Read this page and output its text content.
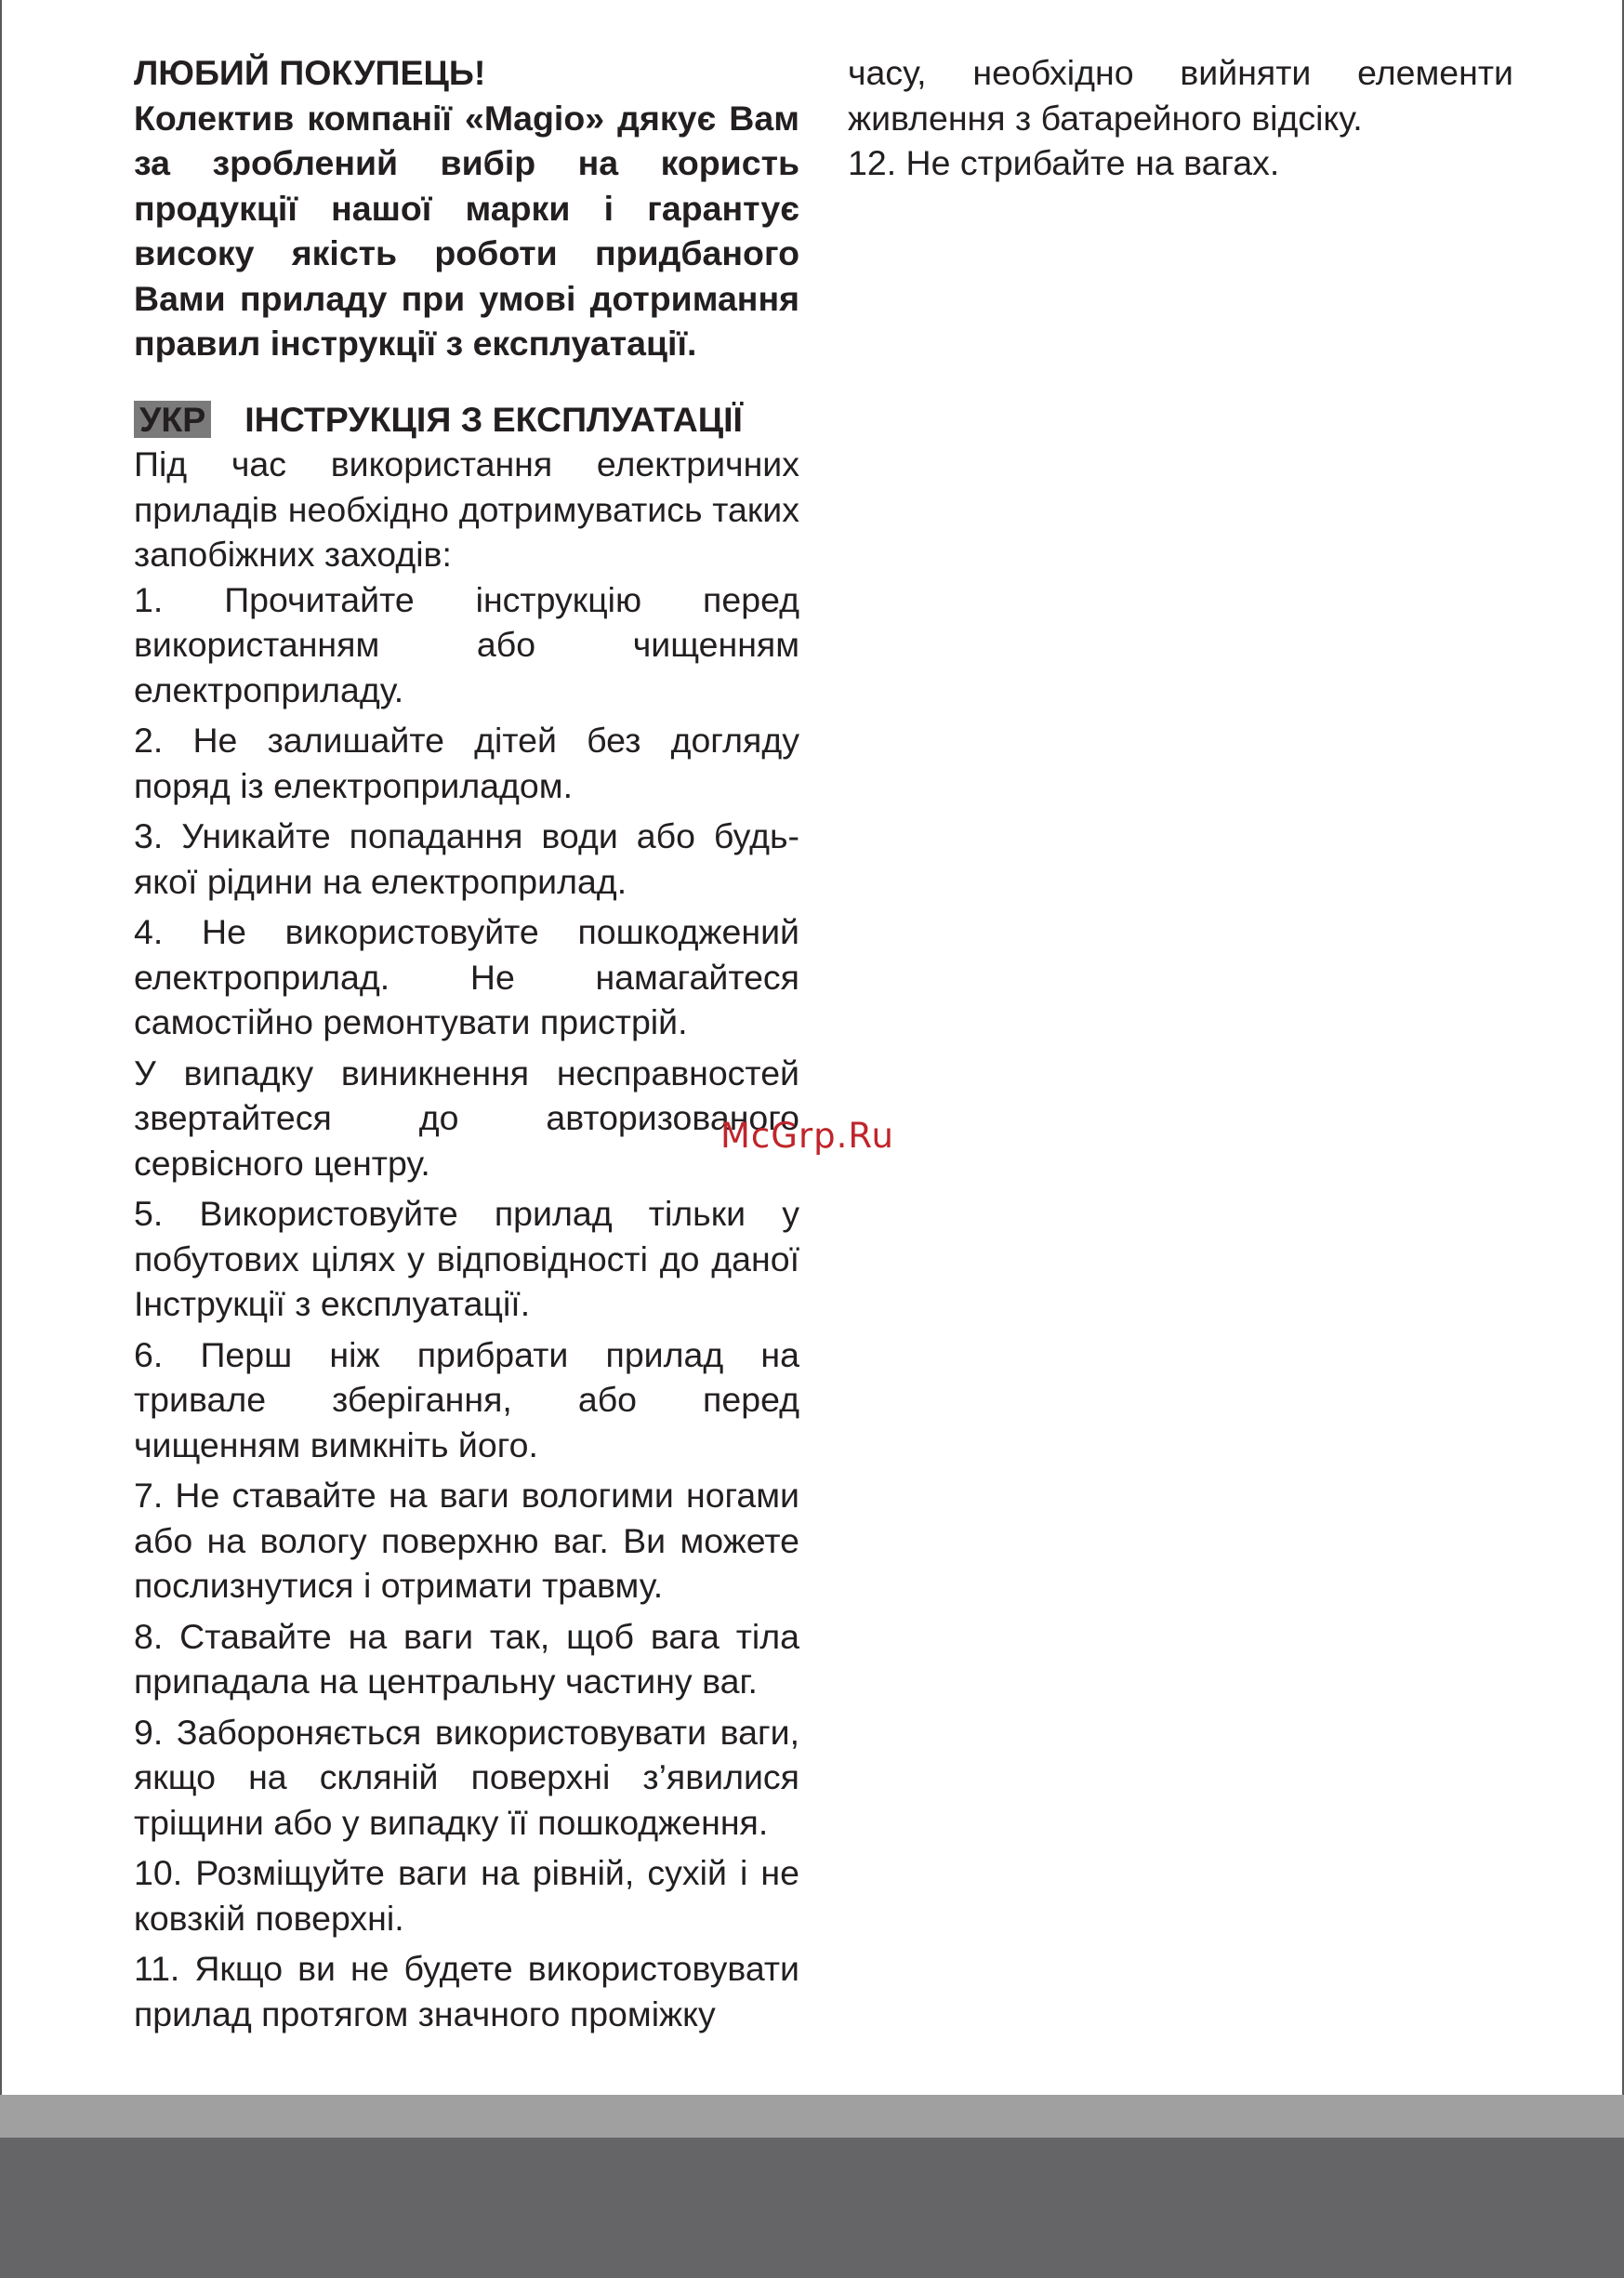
ЛЮБИЙ ПОКУПЕЦЬ!

Колектив компанії «Magio» дякує Вам за зроблений вибір на користь продукції нашої марки і гарантує високу якість роботи придбаного Вами приладу при умові дотримання правил інструкції з експлуатації.

УКР ІНСТРУКЦІЯ З ЕКСПЛУАТАЦІЇ

Під час використання електричних приладів необхідно дотримуватись таких запобіжних заходів:

1. Прочитайте інструкцію перед використанням або чищенням електроприладу.
2. Не залишайте дітей без догляду поряд із електроприладом.
3. Уникайте попадання води або будь-якої рідини на електроприлад.
4. Не використовуйте пошкоджений електроприлад. Не намагайтеся самостійно ремонтувати пристрій.
У випадку виникнення несправностей звертайтеся до авторизованого сервісного центру.
5. Використовуйте прилад тільки у побутових цілях у відповідності до даної Інструкції з експлуатації.
6. Перш ніж прибрати прилад на тривале зберігання, або перед чищенням вимкніть його.
7. Не ставайте на ваги вологими ногами або на вологу поверхню ваг. Ви можете послизнутися і отримати травму.
8. Ставайте на ваги так, щоб вага тіла припадала на центральну частину ваг.
9. Забороняється використовувати ваги, якщо на скляній поверхні з’явилися тріщини або у випадку її пошкодження.
10. Розміщуйте ваги на рівній, сухій і не ковзкій поверхні.
11. Якщо ви не будете використовувати прилад протягом значного проміжку

часу, необхідно вийняти елементи живлення з батарейного відсіку.

12. Не стрибайте на вагах.

McGrp.Ru
